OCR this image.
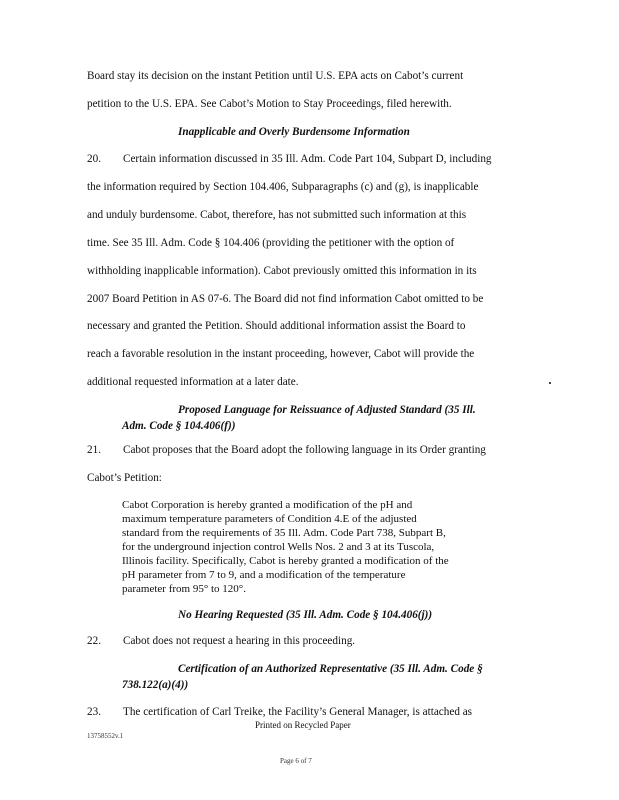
Board stay its decision on the instant Petition until U.S. EPA acts on Cabot’s current
petition to the U.S. EPA. See Cabot’s Motion to Stay Proceedings, filed herewith.
Inapplicable and Overly Burdensome Information
20. Certain information discussed in 35 Ill. Adm. Code Part 104, Subpart D, including
the information required by Section 104.406, Subparagraphs (c) and (g), is inapplicable
and unduly burdensome. Cabot, therefore, has not submitted such information at this
time. See 35 Ill. Adm. Code § 104.406 (providing the petitioner with the option of
withholding inapplicable information). Cabot previously omitted this information in its
2007 Board Petition in AS 07-6. The Board did not find information Cabot omitted to be
necessary and granted the Petition. Should additional information assist the Board to
reach a favorable resolution in the instant proceeding, however, Cabot will provide the
additional requested information at a later date.
Proposed Language for Reissuance of Adjusted Standard (35 Ill.
Adm. Code § 104.406(f))
21. Cabot proposes that the Board adopt the following language in its Order granting
Cabot’s Petition:
Cabot Corporation is hereby granted a modification of the pH and
maximum temperature parameters of Condition 4.E of the adjusted
standard from the requirements of 35 Ill. Adm. Code Part 738, Subpart B,
for the underground injection control Wells Nos. 2 and 3 at its Tuscola,
Illinois facility. Specifically, Cabot is hereby granted a modification of the
pH parameter from 7 to 9, and a modification of the temperature
parameter from 95° to 120°.
No Hearing Requested (35 Ill. Adm. Code § 104.406(j))
22. Cabot does not request a hearing in this proceeding.
Certification of an Authorized Representative (35 Ill. Adm. Code §
738.122(a)(4))
23. The certification of Carl Treike, the Facility’s General Manager, is attached as
Printed on Recycled Paper
13758552v.1
Page 6 of 7
